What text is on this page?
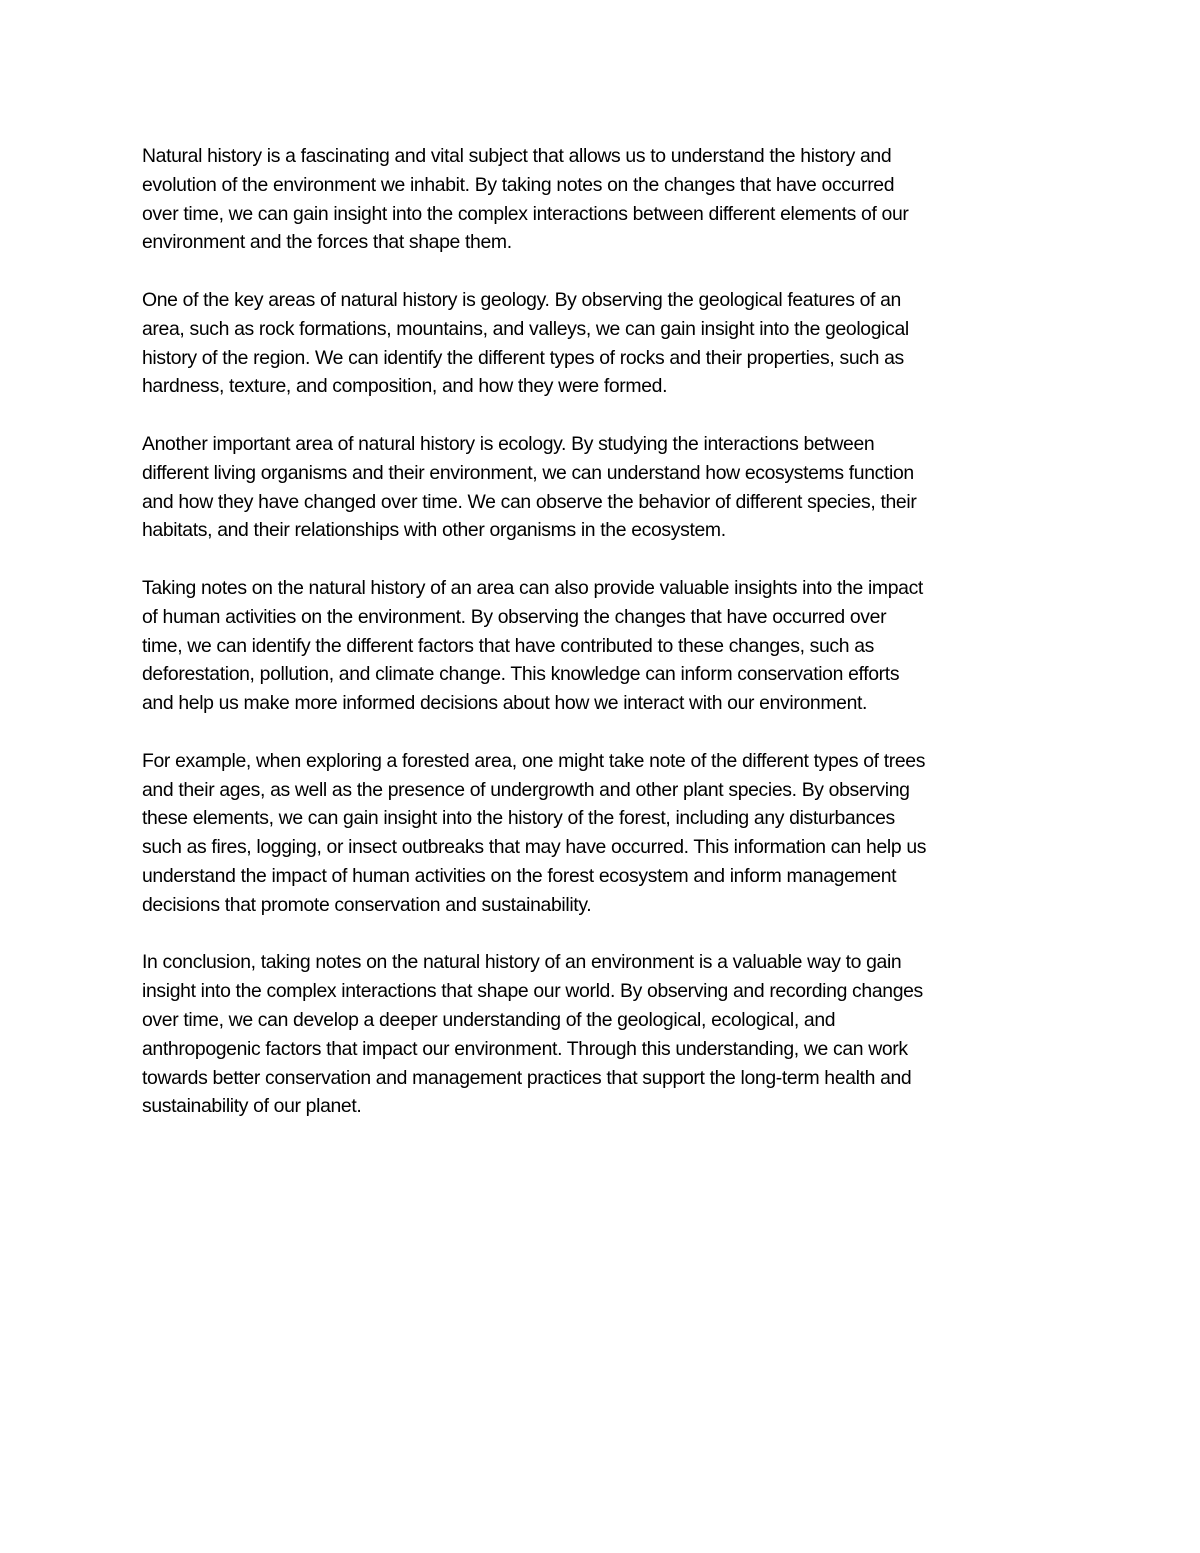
Natural history is a fascinating and vital subject that allows us to understand the history and
evolution of the environment we inhabit. By taking notes on the changes that have occurred
over time, we can gain insight into the complex interactions between different elements of our
environment and the forces that shape them.

One of the key areas of natural history is geology. By observing the geological features of an
area, such as rock formations, mountains, and valleys, we can gain insight into the geological
history of the region. We can identify the different types of rocks and their properties, such as
hardness, texture, and composition, and how they were formed.

Another important area of natural history is ecology. By studying the interactions between
different living organisms and their environment, we can understand how ecosystems function
and how they have changed over time. We can observe the behavior of different species, their
habitats, and their relationships with other organisms in the ecosystem.

Taking notes on the natural history of an area can also provide valuable insights into the impact
of human activities on the environment. By observing the changes that have occurred over
time, we can identify the different factors that have contributed to these changes, such as
deforestation, pollution, and climate change. This knowledge can inform conservation efforts
and help us make more informed decisions about how we interact with our environment.

For example, when exploring a forested area, one might take note of the different types of trees
and their ages, as well as the presence of undergrowth and other plant species. By observing
these elements, we can gain insight into the history of the forest, including any disturbances
such as fires, logging, or insect outbreaks that may have occurred. This information can help us
understand the impact of human activities on the forest ecosystem and inform management
decisions that promote conservation and sustainability.

In conclusion, taking notes on the natural history of an environment is a valuable way to gain
insight into the complex interactions that shape our world. By observing and recording changes
over time, we can develop a deeper understanding of the geological, ecological, and
anthropogenic factors that impact our environment. Through this understanding, we can work
towards better conservation and management practices that support the long-term health and
sustainability of our planet.
